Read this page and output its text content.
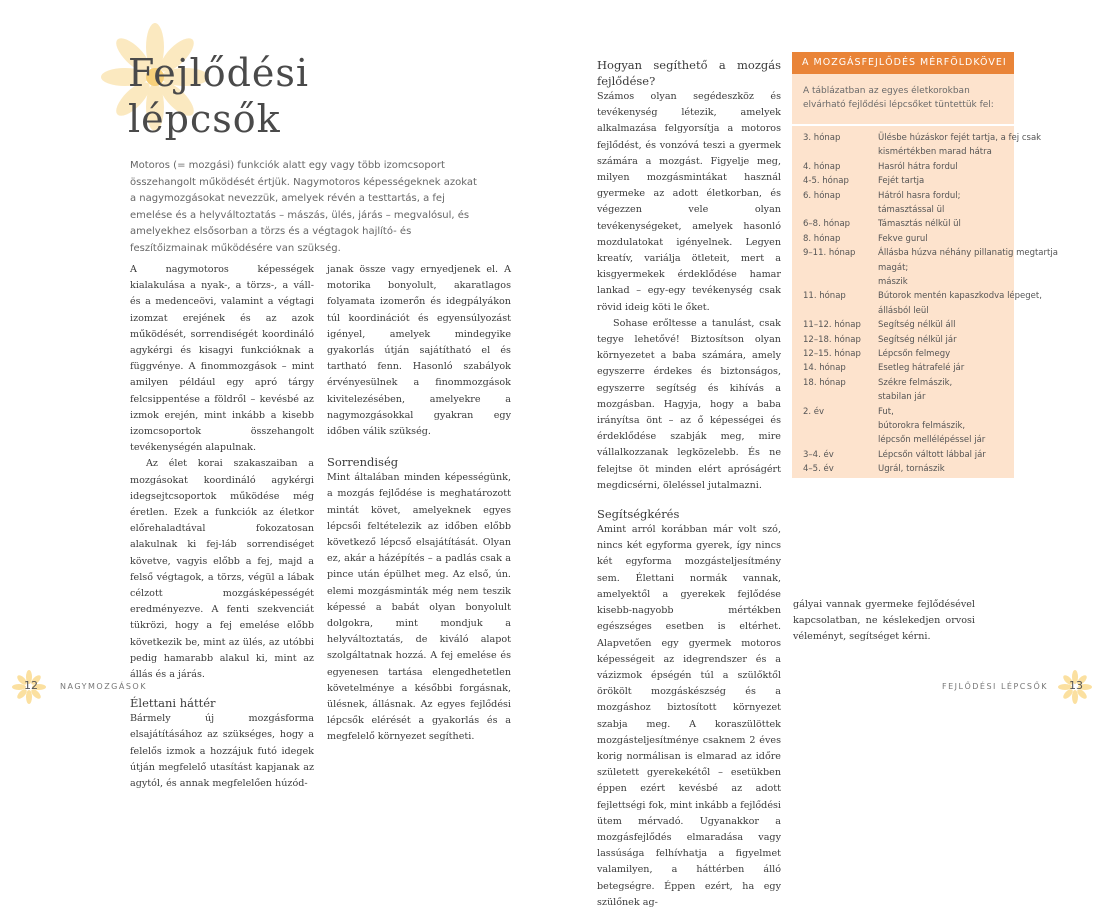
Fejlődési
lépcsők

Motoros (= mozgási) funkciók alatt egy vagy több izomcsoport összehangolt működését értjük. Nagymotoros képességeknek azokat a nagymozgásokat nevezzük, amelyek révén a testtartás, a fej emelése és a helyváltoztatás – mászás, ülés, járás – megvalósul, és amelyekhez elsősorban a törzs és a végtagok hajlító- és feszítőizmainak működésére van szükség.

A nagymotoros képességek kialakulása a nyak-, a törzs-, a váll- és a medenceövi, valamint a végtagi izomzat erejének és az azok működését, sorrendiségét koordináló agykérgi és kisagyi funkcióknak a függvénye. A finommozgások – mint amilyen például egy apró tárgy felcsippentése a földről – kevésbé az izmok erején, mint inkább a kisebb izomcsoportok összehangolt tevékenységén alapulnak.

Az élet korai szakaszaiban a mozgásokat koordináló agykérgi idegsejtcsoportok működése még éretlen. Ezek a funkciók az életkor előrehaladtával fokozatosan alakulnak ki fej-láb sorrendiséget követve, vagyis előbb a fej, majd a felső végtagok, a törzs, végül a lábak célzott mozgásképességét eredményezve. A fenti szekvenciát tükrözi, hogy a fej emelése előbb következik be, mint az ülés, az utóbbi pedig hamarabb alakul ki, mint az állás és a járás.

Élettani háttér

Bármely új mozgásforma elsajátításához az szükséges, hogy a felelős izmok a hozzájuk futó idegek útján megfelelő utasítást kapjanak az agytól, és annak megfelelően húzód-

janak össze vagy ernyedjenek el. A motorika bonyolult, akaratlagos folyamata izomerőn és idegpályákon túl koordinációt és egyensúlyozást igényel, amelyek mindegyike gyakorlás útján sajátítható el és tartható fenn. Hasonló szabályok érvényesülnek a finommozgások kivitelezésében, amelyekre a nagymozgásokkal gyakran egy időben válik szükség.

Sorrendiség

Mint általában minden képességünk, a mozgás fejlődése is meghatározott mintát követ, amelyeknek egyes lépcsői feltételezik az időben előbb következő lépcső elsajátítását. Olyan ez, akár a házépítés – a padlás csak a pince után épülhet meg. Az első, ún. elemi mozgásminták még nem teszik képessé a babát olyan bonyolult dolgokra, mint mondjuk a helyváltoztatás, de kiváló alapot szolgáltatnak hozzá. A fej emelése és egyenesen tartása elengedhetetlen követelménye a későbbi forgásnak, ülésnek, állásnak. Az egyes fejlődési lépcsők elérését a gyakorlás és a megfelelő környezet segítheti.

Hogyan segíthető a mozgás fejlődése?

Számos olyan segédeszköz és tevékenység létezik, amelyek alkalmazása felgyorsítja a motoros fejlődést, és vonzóvá teszi a gyermek számára a mozgást. Figyelje meg, milyen mozgásmintákat használ gyermeke az adott életkorban, és végezzen vele olyan tevékenységeket, amelyek hasonló mozdulatokat igényelnek. Legyen kreatív, variálja ötleteit, mert a kisgyermekek érdeklődése hamar lankad – egy-egy tevékenység csak rövid ideig köti le őket.

Sohase erőltesse a tanulást, csak tegye lehetővé! Biztosítson olyan környezetet a baba számára, amely egyszerre érdekes és biztonságos, egyszerre segítség és kihívás a mozgásban. Hagyja, hogy a baba irányítsa önt – az ő képességei és érdeklődése szabják meg, mire vállalkozzanak legközelebb. És ne felejtse öt minden elért apróságért megdicsérni, öleléssel jutalmazni.

Segítségkérés

Amint arról korábban már volt szó, nincs két egyforma gyerek, így nincs két egyforma mozgásteljesítmény sem. Élettani normák vannak, amelyektől a gyerekek fejlődése kisebb-nagyobb mértékben egészséges esetben is eltérhet. Alapvetően egy gyermek motoros képességeit az idegrendszer és a vázizmok épségén túl a szülőktől örökölt mozgáskészség és a mozgáshoz biztosított környezet szabja meg. A koraszülöttek mozgásteljesítménye csaknem 2 éves korig normálisan is elmarad az időre született gyerekekétől – esetükben éppen ezért kevésbé az adott fejlettségi fok, mint inkább a fejlődési ütem mérvadó. Ugyanakkor a mozgásfejlődés elmaradása vagy lassúsága felhívhatja a figyelmet valamilyen, a háttérben álló betegségre. Éppen ezért, ha egy szülőnek ag-

gályai vannak gyermeke fejlődésével kapcsolatban, ne késlekedjen orvosi véleményt, segítséget kérni.

A MOZGÁSFEJLŐDÉS MÉRFÖLDKÖVEI
A táblázatban az egyes életkorokban elvárható fejlődési lépcsőket tüntettük fel:
3. hónap	Ülésbe húzáskor fejét tartja, a fej csak
kismértékben marad hátra
4. hónap	Hasról hátra fordul
4-5. hónap	Fejét tartja
6. hónap	Hátról hasra fordul;
támasztással ül
6–8. hónap	Támasztás nélkül ül
8. hónap	Fekve gurul
9–11. hónap	Állásba húzva néhány pillanatig megtartja
magát;
mászik
11. hónap	Bútorok mentén kapaszkodva lépeget,
állásból leül
11–12. hónap	Segítség nélkül áll
12–18. hónap	Segítség nélkül jár
12–15. hónap	Lépcsőn felmegy
14. hónap	Esetleg hátrafelé jár
18. hónap	Székre felmászik,
stabilan jár
2. év	Fut,
bútorokra felmászik,
lépcsőn mellélépéssel jár
3–4. év	Lépcsőn váltott lábbal jár
4–5. év	Ugrál, tornászik
12	NAGYMOZGÁSOK	13
FEJLŐDÉSI LÉPCSŐK
